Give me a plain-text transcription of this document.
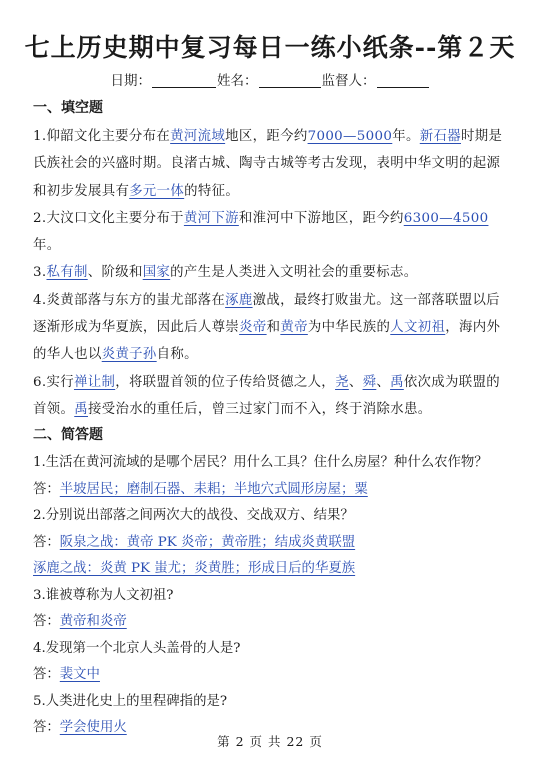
七上历史期中复习每日一练小纸条--第２天
日期：	姓名：	监督人：
一、填空题

1.仰韶文化主要分布在黄河流域地区，距今约7000—5000年。新石器时期是氏族社会的兴盛时期。良渚古城、陶寺古城等考古发现，表明中华文明的起源和初步发展具有多元一体的特征。

2.大汶口文化主要分布于黄河下游和淮河中下游地区，距今约6300—4500年。

3.私有制、阶级和国家的产生是人类进入文明社会的重要标志。

4.炎黄部落与东方的蚩尤部落在涿鹿激战，最终打败蚩尤。这一部落联盟以后逐渐形成为华夏族，因此后人尊崇炎帝和黄帝为中华民族的人文初祖，海内外的华人也以炎黄子孙自称。

6.实行禅让制，将联盟首领的位子传给贤德之人，尧、舜、禹依次成为联盟的首领。禹接受治水的重任后，曾三过家门而不入，终于消除水患。

二、简答题

1.生活在黄河流域的是哪个居民？用什么工具？住什么房屋？种什么农作物？

答：半坡居民；磨制石器、耒耜；半地穴式圆形房屋；粟

2.分别说出部落之间两次大的战役、交战双方、结果？

答：阪泉之战：黄帝 PK 炎帝；黄帝胜；结成炎黄联盟

涿鹿之战：炎黄 PK 蚩尤；炎黄胜；形成日后的华夏族

3.谁被尊称为人文初祖?

答：黄帝和炎帝

4.发现第一个北京人头盖骨的人是?

答：裴文中

5.人类进化史上的里程碑指的是?

答：学会使用火

第 2 页 共 22 页
